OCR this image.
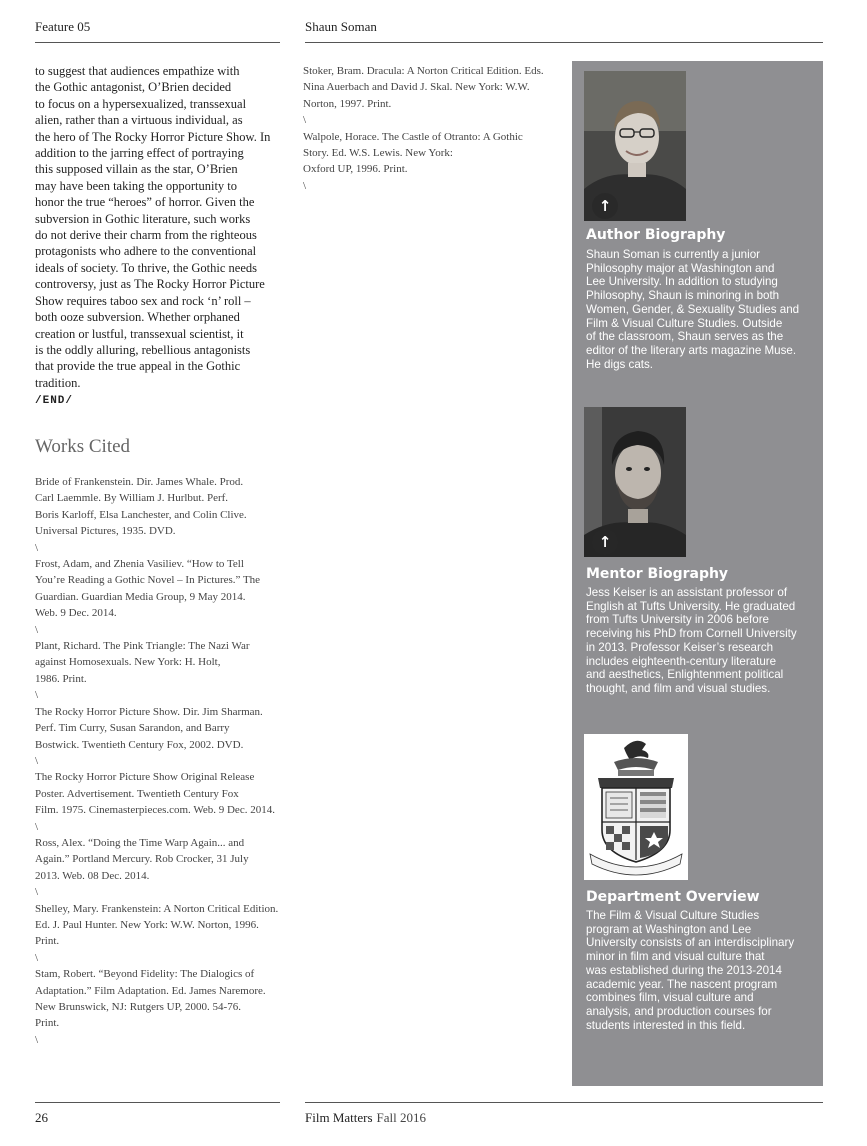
Feature 05	Shaun Soman

to suggest that audiences empathize with
the Gothic antagonist, O’Brien decided
to focus on a hypersexualized, transsexual
alien, rather than a virtuous individual, as
the hero of The Rocky Horror Picture Show. In
addition to the jarring effect of portraying
this supposed villain as the star, O’Brien
may have been taking the opportunity to
honor the true “heroes” of horror. Given the
subversion in Gothic literature, such works
do not derive their charm from the righteous
protagonists who adhere to the conventional
ideals of society. To thrive, the Gothic needs
controversy, just as The Rocky Horror Picture
Show requires taboo sex and rock ‘n’ roll –
both ooze subversion. Whether orphaned
creation or lustful, transsexual scientist, it
is the oddly alluring, rebellious antagonists
that provide the true appeal in the Gothic
tradition.

/END/
Works Cited
Bride of Frankenstein. Dir. James Whale. Prod.
Carl Laemmle. By William J. Hurlbut. Perf.
Boris Karloff, Elsa Lanchester, and Colin Clive.
Universal Pictures, 1935. DVD.
\
Frost, Adam, and Zhenia Vasiliev. “How to Tell
You’re Reading a Gothic Novel – In Pictures.” The
Guardian. Guardian Media Group, 9 May 2014.
Web. 9 Dec. 2014.
\
Plant, Richard. The Pink Triangle: The Nazi War
against Homosexuals. New York: H. Holt,
1986. Print.
\
The Rocky Horror Picture Show. Dir. Jim Sharman.
Perf. Tim Curry, Susan Sarandon, and Barry
Bostwick. Twentieth Century Fox, 2002. DVD.
\
The Rocky Horror Picture Show Original Release
Poster. Advertisement. Twentieth Century Fox
Film. 1975. Cinemasterpieces.com. Web. 9 Dec. 2014.
\
Ross, Alex. “Doing the Time Warp Again... and
Again.” Portland Mercury. Rob Crocker, 31 July
2013. Web. 08 Dec. 2014.
\
Shelley, Mary. Frankenstein: A Norton Critical Edition.
Ed. J. Paul Hunter. New York: W.W. Norton, 1996.
Print.
\
Stam, Robert. “Beyond Fidelity: The Dialogics of
Adaptation.” Film Adaptation. Ed. James Naremore.
New Brunswick, NJ: Rutgers UP, 2000. 54-76.
Print.
\
Stoker, Bram. Dracula: A Norton Critical Edition. Eds.
Nina Auerbach and David J. Skal. New York: W.W.
Norton, 1997. Print.
\
Walpole, Horace. The Castle of Otranto: A Gothic
Story. Ed. W.S. Lewis. New York:
Oxford UP, 1996. Print.
\
↑
Author Biography
Shaun Soman is currently a junior
Philosophy major at Washington and
Lee University. In addition to studying
Philosophy, Shaun is minoring in both
Women, Gender, & Sexuality Studies and
Film & Visual Culture Studies. Outside
of the classroom, Shaun serves as the
editor of the literary arts magazine Muse.
He digs cats.
↑
Mentor Biography
Jess Keiser is an assistant professor of
English at Tufts University. He graduated
from Tufts University in 2006 before
receiving his PhD from Cornell University
in 2013. Professor Keiser’s research
includes eighteenth-century literature
and aesthetics, Enlightenment political
thought, and film and visual studies.
Department Overview
The Film & Visual Culture Studies
program at Washington and Lee
University consists of an interdisciplinary
minor in film and visual culture that
was established during the 2013-2014
academic year. The nascent program
combines film, visual culture and
analysis, and production courses for
students interested in this field.
26	Film Matters Fall 2016
